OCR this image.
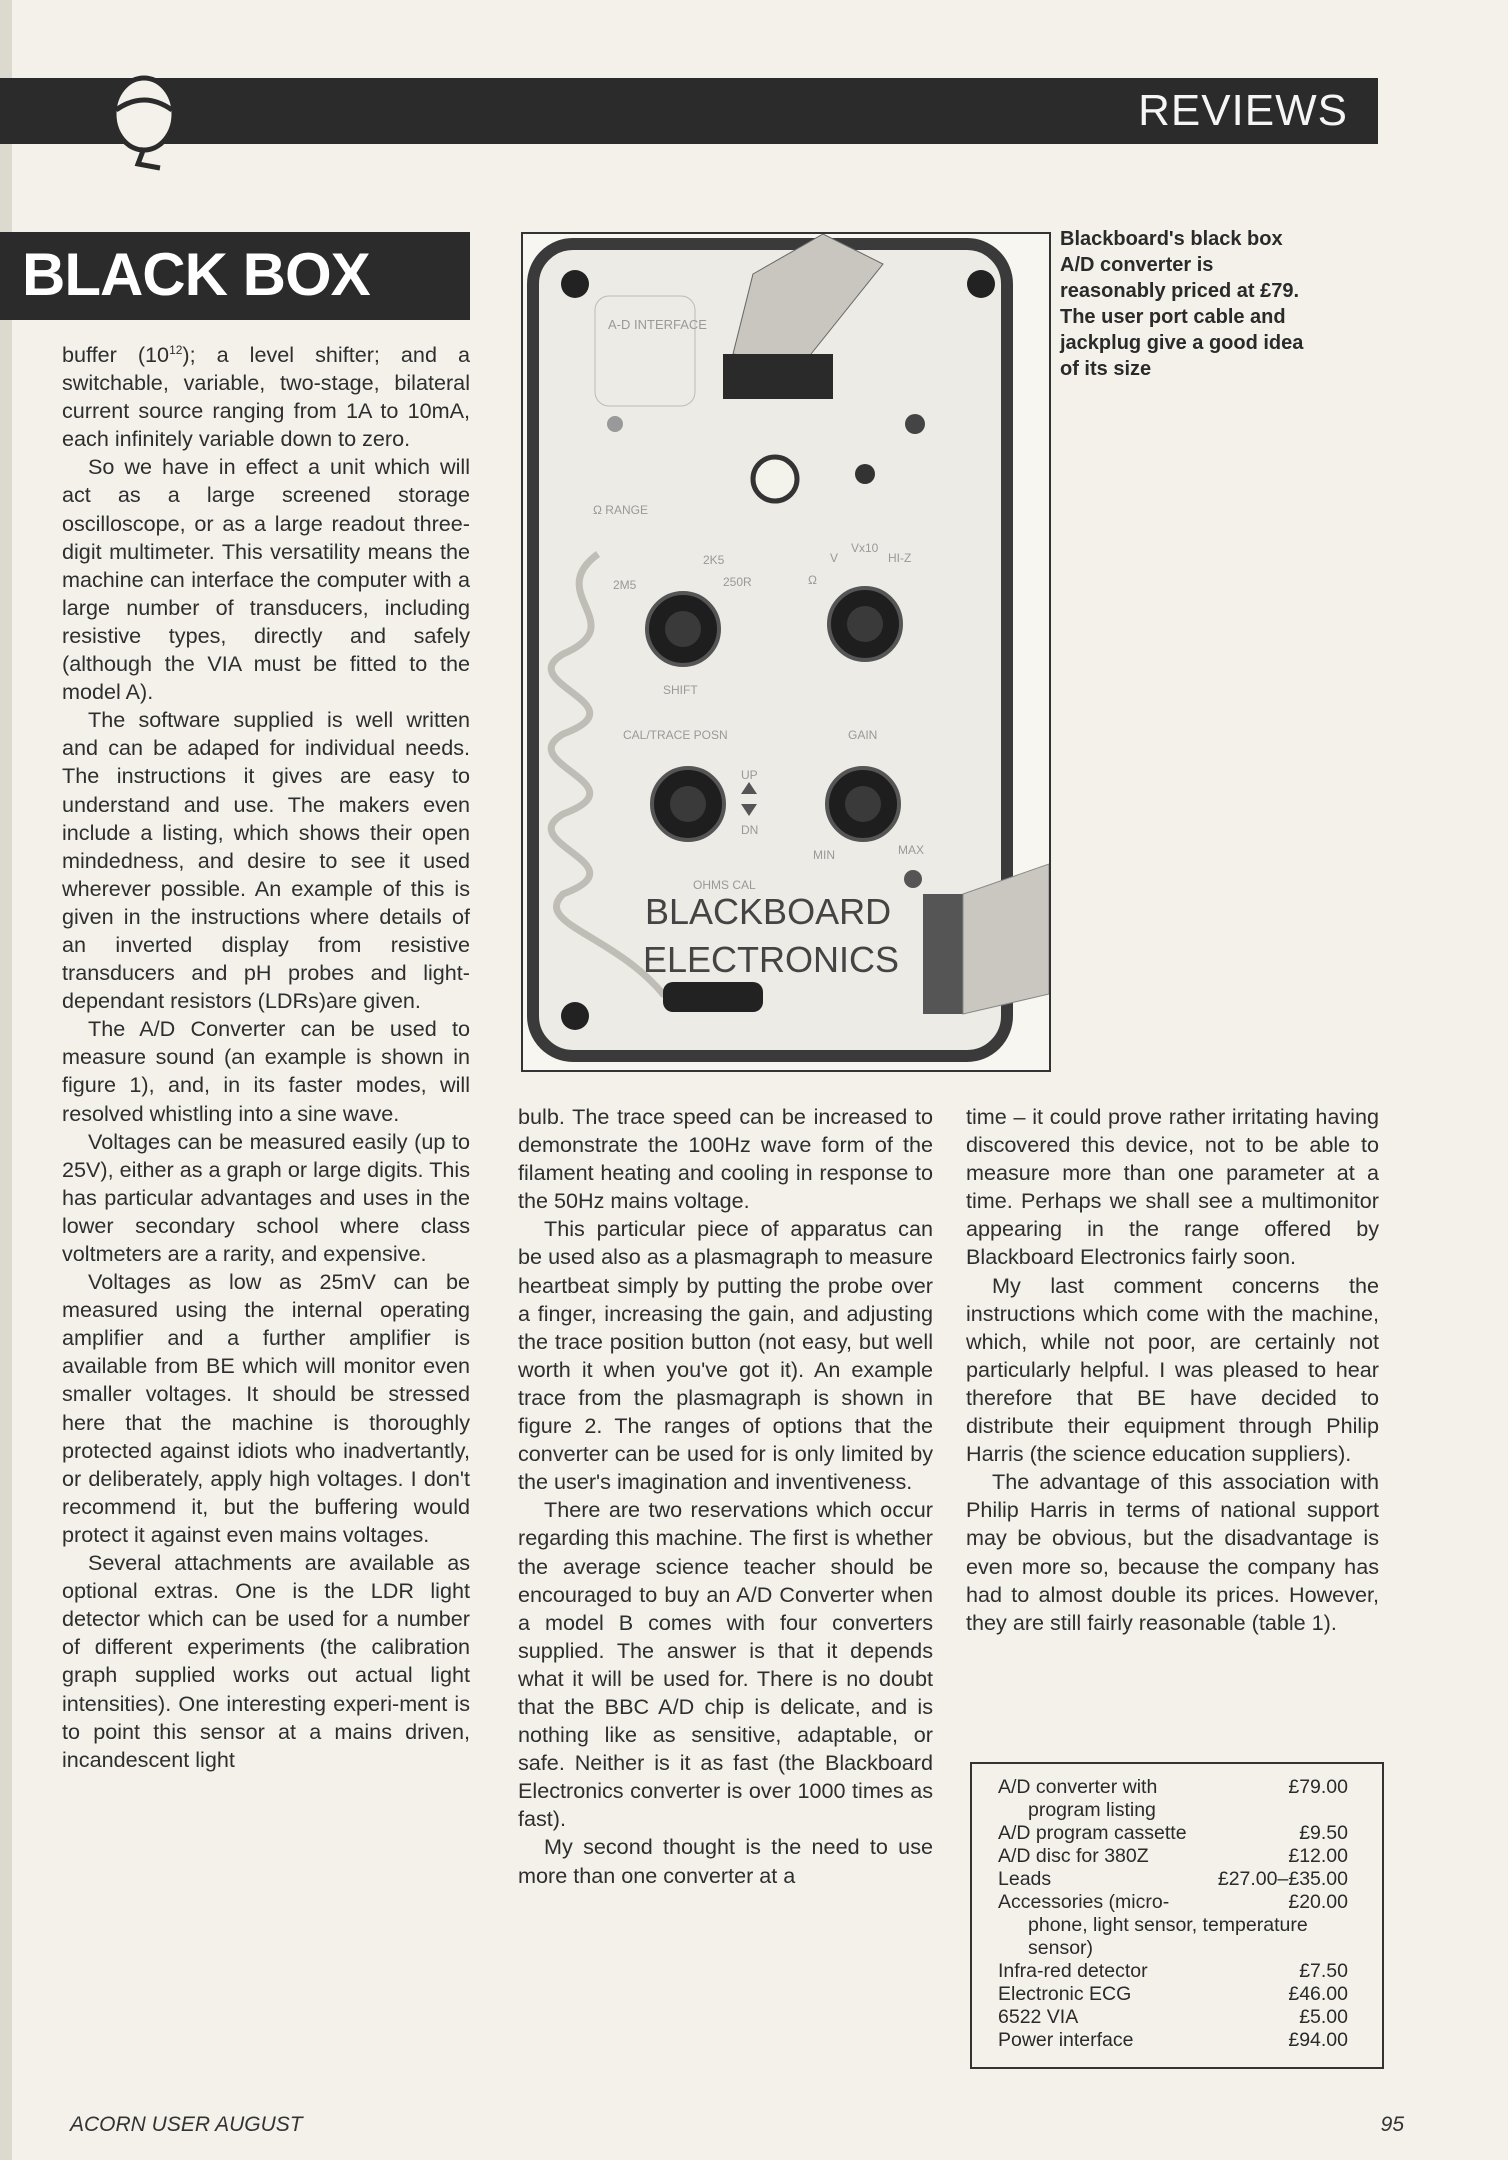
REVIEWS
BLACK BOX

buffer $(10^{12})$; a level shifter; and a switchable, variable, two-stage, bilateral current source ranging from 1A to 10mA, each infinitely variable down to zero.

So we have in effect a unit which will act as a large screened storage oscilloscope, or as a large readout three-digit multimeter. This versatility means the machine can interface the computer with a large number of transducers, including resistive types, directly and safely (although the VIA must be fitted to the model A).

The software supplied is well written and can be adaped for individual needs. The instructions it gives are easy to understand and use. The makers even include a listing, which shows their open mindedness, and desire to see it used wherever possible. An example of this is given in the instructions where details of an inverted display from resistive transducers and pH probes and light-dependant resistors (LDRs)are given.

The A/D Converter can be used to measure sound (an example is shown in figure 1), and, in its faster modes, will resolved whistling into a sine wave.

Voltages can be measured easily (up to 25V), either as a graph or large digits. This has particular advantages and uses in the lower secondary school where class voltmeters are a rarity, and expensive.

Voltages as low as 25mV can be measured using the internal operating amplifier and a further amplifier is available from BE which will monitor even smaller voltages. It should be stressed here that the machine is thoroughly protected against idiots who inadvertantly, or deliberately, apply high voltages. I don't recommend it, but the buffering would protect it against even mains voltages.

Several attachments are available as optional extras. One is the LDR light detector which can be used for a number of different experiments (the calibration graph supplied works out actual light intensities). One interesting experi-ment is to point this sensor at a mains driven, incandescent light

A-D INTERFACE
Ω RANGE
2K5
2M5	250R	Ω
V
Vx10
HI-Z
SHIFT
CAL/TRACE POSN	GAIN
UP
DN
MIN	MAX
OHMS CAL
BLACKBOARD
ELECTRONICS
Blackboard's black box A/D converter is reasonably priced at £79. The user port cable and jackplug give a good idea of its size

bulb. The trace speed can be increased to demonstrate the 100Hz wave form of the filament heating and cooling in response to the 50Hz mains voltage.

This particular piece of apparatus can be used also as a plasmagraph to measure heartbeat simply by putting the probe over a finger, increasing the gain, and adjusting the trace position button (not easy, but well worth it when you've got it). An example trace from the plasmagraph is shown in figure 2. The ranges of options that the converter can be used for is only limited by the user's imagination and inventiveness.

There are two reservations which occur regarding this machine. The first is whether the average science teacher should be encouraged to buy an A/D Converter when a model B comes with four converters supplied. The answer is that it depends what it will be used for. There is no doubt that the BBC A/D chip is delicate, and is nothing like as sensitive, adaptable, or safe. Neither is it as fast (the Blackboard Electronics converter is over 1000 times as fast).

My second thought is the need to use more than one converter at a

time – it could prove rather irritating having discovered this device, not to be able to measure more than one parameter at a time. Perhaps we shall see a multimonitor appearing in the range offered by Blackboard Electronics fairly soon.

My last comment concerns the instructions which come with the machine, which, while not poor, are certainly not particularly helpful. I was pleased to hear therefore that BE have decided to distribute their equipment through Philip Harris (the science education suppliers).

The advantage of this association with Philip Harris in terms of national support may be obvious, but the disadvantage is even more so, because the company has had to almost double its prices. However, they are still fairly reasonable (table 1).

A/D converter with	£79.00
program listing
A/D program cassette	£9.50
A/D disc for 380Z	£12.00
Leads	£27.00–£35.00
Accessories (micro-	£20.00
phone, light sensor, temperature sensor)
Infra-red detector	£7.50
Electronic ECG	£46.00
6522 VIA	£5.00
Power interface	£94.00
ACORN USER AUGUST	95
